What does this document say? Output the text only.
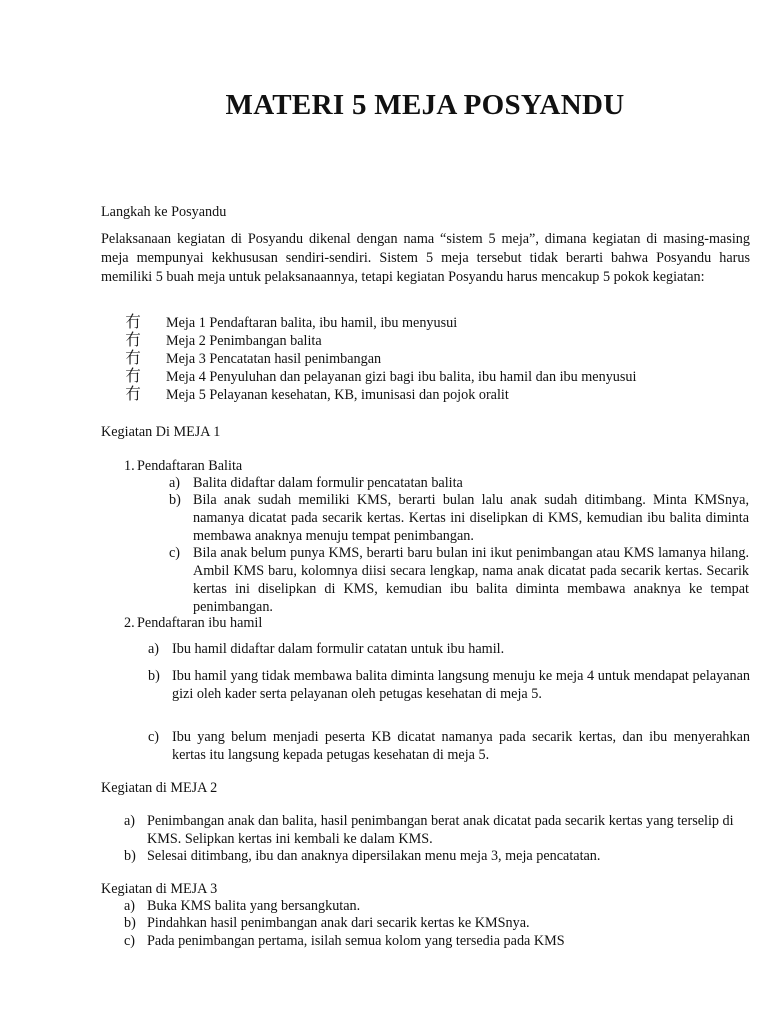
MATERI 5 MEJA POSYANDU
Langkah ke Posyandu
Pelaksanaan kegiatan di Posyandu dikenal dengan nama “sistem 5 meja”, dimana kegiatan di masing-masing meja mempunyai kekhususan sendiri-sendiri. Sistem 5 meja tersebut tidak berarti bahwa Posyandu harus memiliki 5 buah meja untuk pelaksanaannya, tetapi kegiatan Posyandu harus mencakup 5 pokok kegiatan:
冇	Meja 1 Pendaftaran balita, ibu hamil, ibu menyusui
冇	Meja 2 Penimbangan balita
冇	Meja 3 Pencatatan hasil penimbangan
冇	Meja 4 Penyuluhan dan pelayanan gizi bagi ibu balita, ibu hamil dan ibu menyusui
冇	Meja 5 Pelayanan kesehatan, KB, imunisasi dan pojok oralit
Kegiatan Di MEJA 1
1. Pendaftaran Balita
a) Balita didaftar dalam formulir pencatatan balita
b) Bila anak sudah memiliki KMS, berarti bulan lalu anak sudah ditimbang. Minta KMSnya, namanya dicatat pada secarik kertas. Kertas ini diselipkan di KMS, kemudian ibu balita diminta membawa anaknya menuju tempat penimbangan.
c) Bila anak belum punya KMS, berarti baru bulan ini ikut penimbangan atau KMS lamanya hilang. Ambil KMS baru, kolomnya diisi secara lengkap, nama anak dicatat pada secarik kertas. Secarik kertas ini diselipkan di KMS, kemudian ibu balita diminta membawa anaknya ke tempat penimbangan.
2. Pendaftaran ibu hamil
a) Ibu hamil didaftar dalam formulir catatan untuk ibu hamil.
b) Ibu hamil yang tidak membawa balita diminta langsung menuju ke meja 4 untuk mendapat pelayanan gizi oleh kader serta pelayanan oleh petugas kesehatan di meja 5.
c) Ibu yang belum menjadi peserta KB dicatat namanya pada secarik kertas, dan ibu menyerahkan kertas itu langsung kepada petugas kesehatan di meja 5.
Kegiatan di MEJA 2
a) Penimbangan anak dan balita, hasil penimbangan berat anak dicatat pada secarik kertas yang terselip di KMS. Selipkan kertas ini kembali ke dalam KMS.
b) Selesai ditimbang, ibu dan anaknya dipersilakan menu meja 3, meja pencatatan.
Kegiatan di MEJA 3
a) Buka KMS balita yang bersangkutan.
b) Pindahkan hasil penimbangan anak dari secarik kertas ke KMSnya.
c) Pada penimbangan pertama, isilah semua kolom yang tersedia pada KMS
